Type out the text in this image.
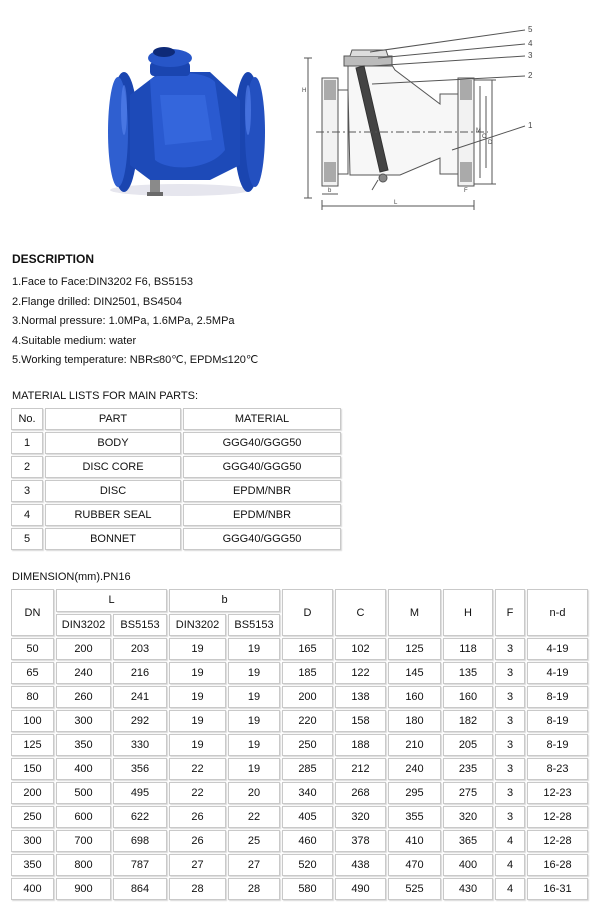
5
4
3
2
1
H
L
b	F
M
C
D
DESCRIPTION
1.Face to Face:DIN3202 F6, BS5153
2.Flange drilled: DIN2501, BS4504
3.Normal pressure: 1.0MPa, 1.6MPa, 2.5MPa
4.Suitable medium: water
5.Working temperature: NBR≤80℃, EPDM≤120℃
MATERIAL LISTS FOR MAIN PARTS:
No.	PART	MATERIAL
1	BODY	GGG40/GGG50
2	DISC CORE	GGG40/GGG50
3	DISC	EPDM/NBR
4	RUBBER SEAL	EPDM/NBR
5	BONNET	GGG40/GGG50
DIMENSION(mm).PN16
DN	L		b		D	C	M	H	F	n-d
	DIN3202	BS5153	DIN3202	BS5153						
50	200	203	19	19	165	102	125	118	3	4-19
65	240	216	19	19	185	122	145	135	3	4-19
80	260	241	19	19	200	138	160	160	3	8-19
100	300	292	19	19	220	158	180	182	3	8-19
125	350	330	19	19	250	188	210	205	3	8-19
150	400	356	22	19	285	212	240	235	3	8-23
200	500	495	22	20	340	268	295	275	3	12-23
250	600	622	26	22	405	320	355	320	3	12-28
300	700	698	26	25	460	378	410	365	4	12-28
350	800	787	27	27	520	438	470	400	4	16-28
400	900	864	28	28	580	490	525	430	4	16-31
